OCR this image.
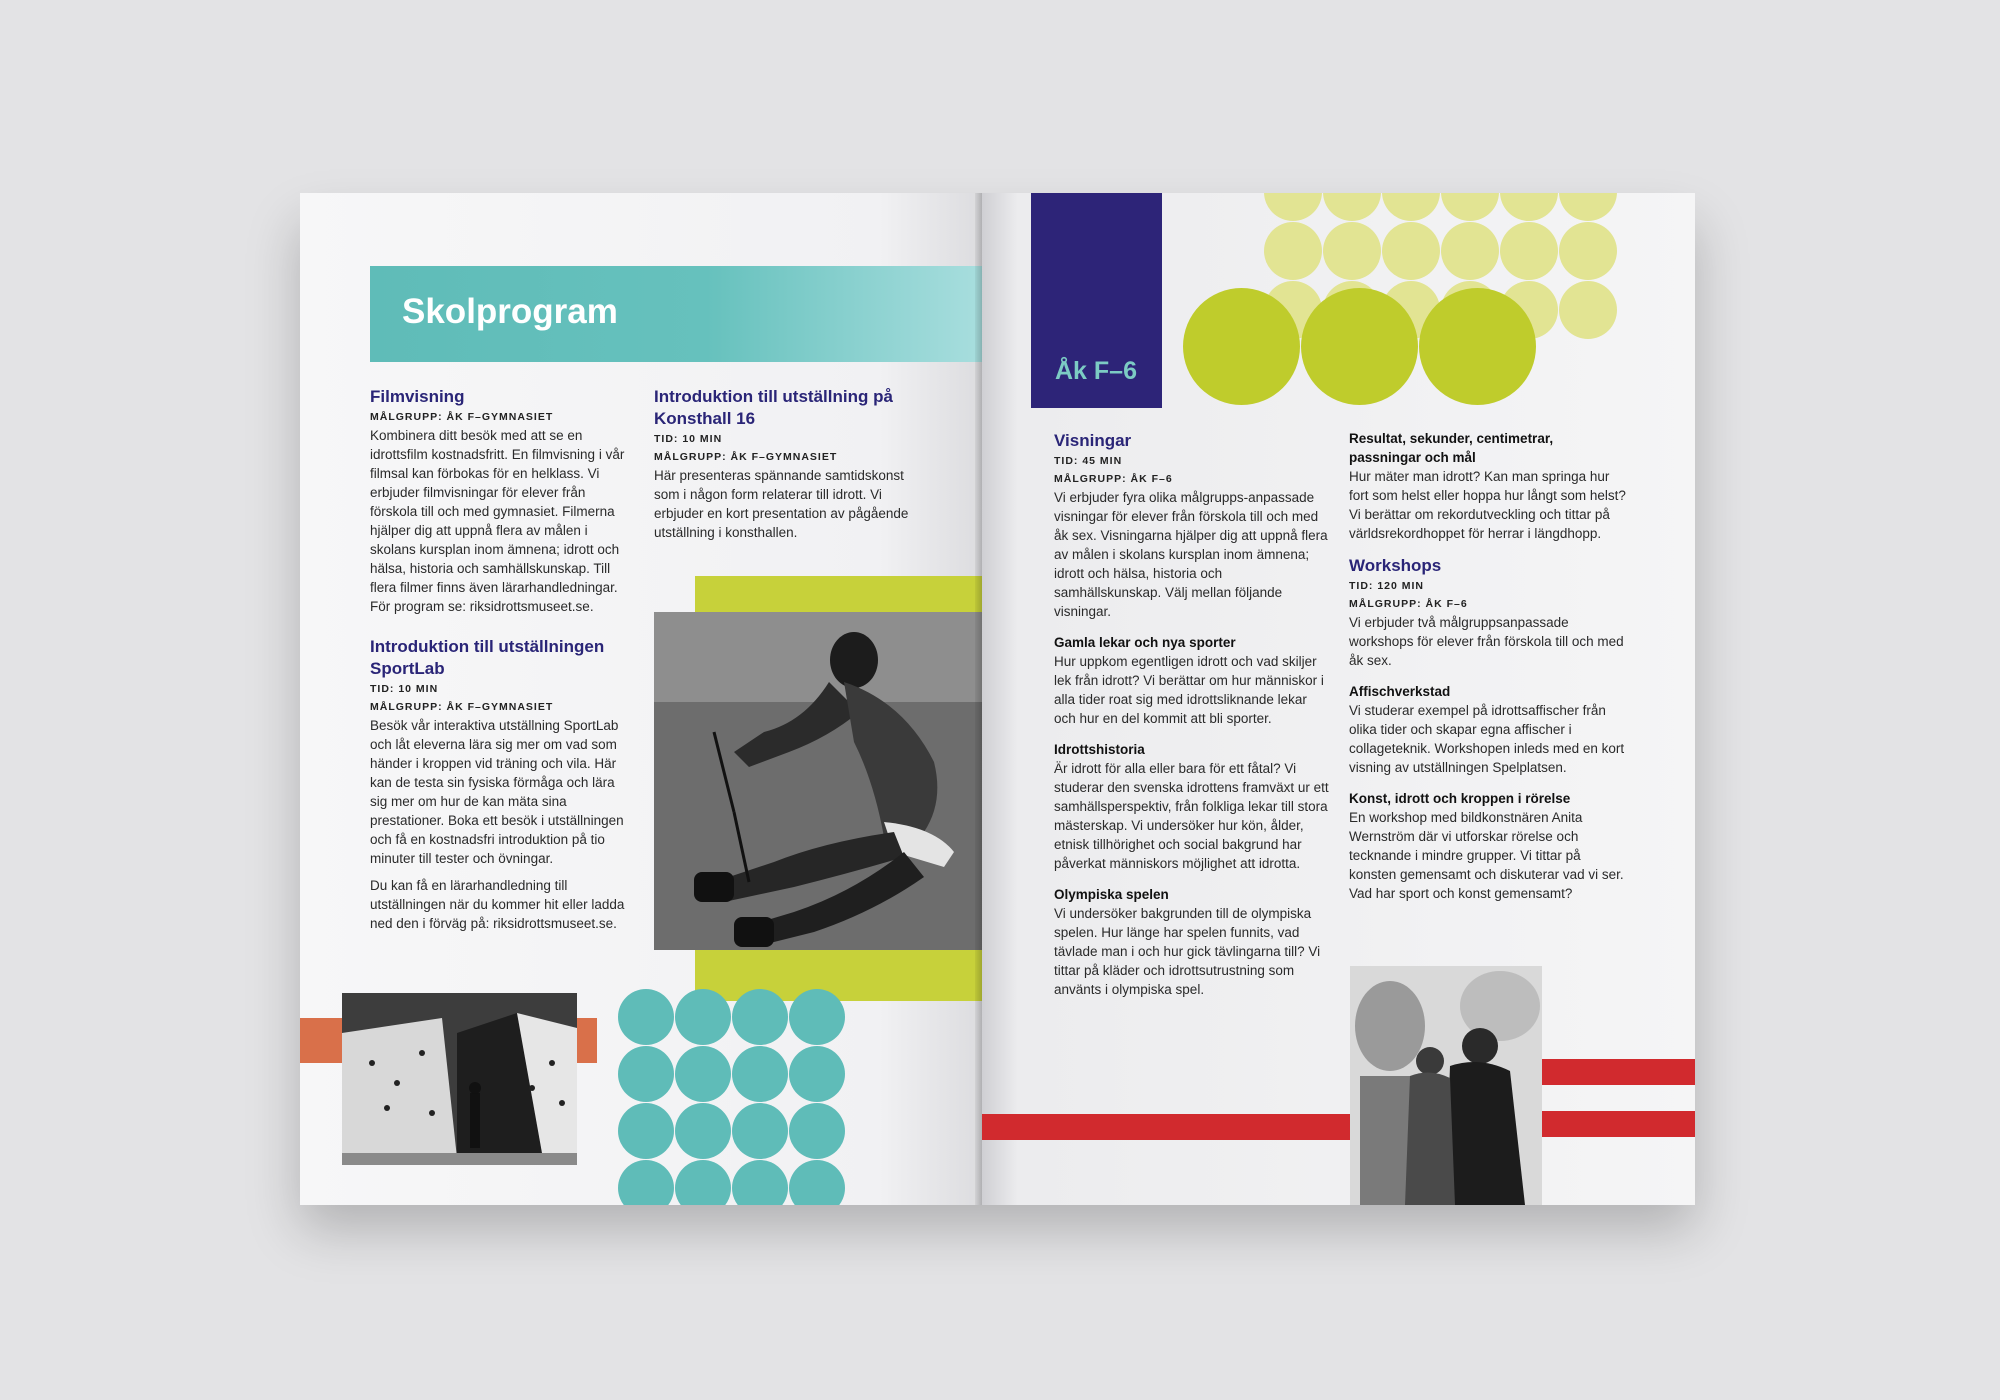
Skolprogram

Filmvisning

MÅLGRUPP: ÅK F–GYMNASIET

Kombinera ditt besök med att se en idrottsfilm kostnadsfritt. En filmvisning i vår filmsal kan förbokas för en helklass. Vi erbjuder filmvisningar för elever från förskola till och med gymnasiet. Filmerna hjälper dig att uppnå flera av målen i skolans kursplan inom ämnena; idrott och hälsa, historia och samhällskunskap. Till flera filmer finns även lärarhandledningar. För program se: riksidrottsmuseet.se.

Introduktion till utställningen SportLab

TID: 10 MIN

MÅLGRUPP: ÅK F–GYMNASIET

Besök vår interaktiva utställning SportLab och låt eleverna lära sig mer om vad som händer i kroppen vid träning och vila. Här kan de testa sin fysiska förmåga och lära sig mer om hur de kan mäta sina prestationer. Boka ett besök i utställningen och få en kostnadsfri introduktion på tio minuter till tester och övningar.

Du kan få en lärarhandledning till utställningen när du kommer hit eller ladda ned den i förväg på: riksidrottsmuseet.se.

Introduktion till utställning på Konsthall 16

TID: 10 MIN

MÅLGRUPP: ÅK F–GYMNASIET

Här presenteras spännande samtidskonst som i någon form relaterar till idrott. Vi erbjuder en kort presentation av pågående utställning i konsthallen.

Åk F–6

Visningar

TID: 45 MIN

MÅLGRUPP: ÅK F–6

Vi erbjuder fyra olika målgrupps-anpassade visningar för elever från förskola till och med åk sex. Visningarna hjälper dig att uppnå flera av målen i skolans kursplan inom ämnena; idrott och hälsa, historia och samhällskunskap. Välj mellan följande visningar.

Gamla lekar och nya sporter

Hur uppkom egentligen idrott och vad skiljer lek från idrott? Vi berättar om hur människor i alla tider roat sig med idrottsliknande lekar och hur en del kommit att bli sporter.

Idrottshistoria

Är idrott för alla eller bara för ett fåtal? Vi studerar den svenska idrottens framväxt ur ett samhällsperspektiv, från folkliga lekar till stora mästerskap. Vi undersöker hur kön, ålder, etnisk tillhörighet och social bakgrund har påverkat människors möjlighet att idrotta.

Olympiska spelen

Vi undersöker bakgrunden till de olympiska spelen. Hur länge har spelen funnits, vad tävlade man i och hur gick tävlingarna till? Vi tittar på kläder och idrottsutrustning som använts i olympiska spel.

Resultat, sekunder, centimetrar, passningar och mål

Hur mäter man idrott? Kan man springa hur fort som helst eller hoppa hur långt som helst? Vi berättar om rekordutveckling och tittar på världsrekordhoppet för herrar i längdhopp.

Workshops

TID: 120 MIN

MÅLGRUPP: ÅK F–6

Vi erbjuder två målgruppsanpassade workshops för elever från förskola till och med åk sex.

Affischverkstad

Vi studerar exempel på idrottsaffischer från olika tider och skapar egna affischer i collageteknik. Workshopen inleds med en kort visning av utställningen Spelplatsen.

Konst, idrott och kroppen i rörelse

En workshop med bildkonstnären Anita Wernström där vi utforskar rörelse och tecknande i mindre grupper. Vi tittar på konsten gemensamt och diskuterar vad vi ser. Vad har sport och konst gemensamt?
